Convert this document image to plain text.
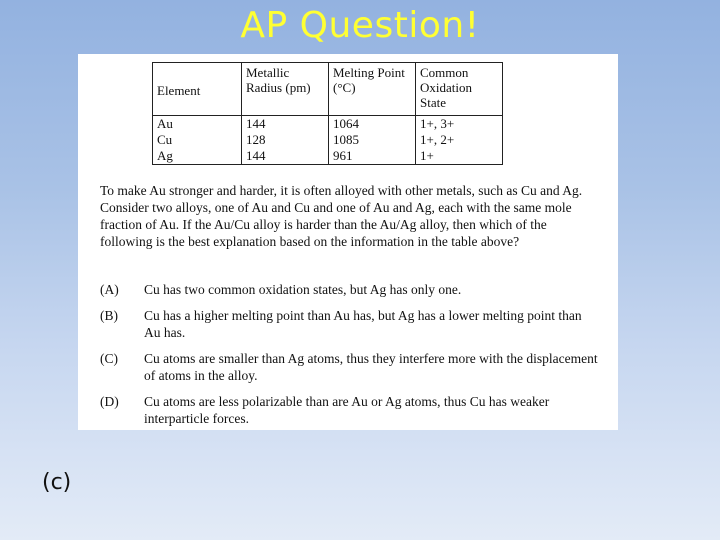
AP Question!
Element	Metallic Radius (pm)	Melting Point (°C)	Common Oxidation State
Au	144	1064	1+, 3+
Cu	128	1085	1+, 2+
Ag	144	961	1+
To make Au stronger and harder, it is often alloyed with other metals, such as Cu and Ag. Consider two alloys, one of Au and Cu and one of Au and Ag, each with the same mole fraction of Au. If the Au/Cu alloy is harder than the Au/Ag alloy, then which of the following is the best explanation based on the information in the table above?
(A)	Cu has two common oxidation states, but Ag has only one.
(B)	Cu has a higher melting point than Au has, but Ag has a lower melting point than Au has.
(C)	Cu atoms are smaller than Ag atoms, thus they interfere more with the displacement of atoms in the alloy.
(D)	Cu atoms are less polarizable than are Au or Ag atoms, thus Cu has weaker interparticle forces.
(c)
